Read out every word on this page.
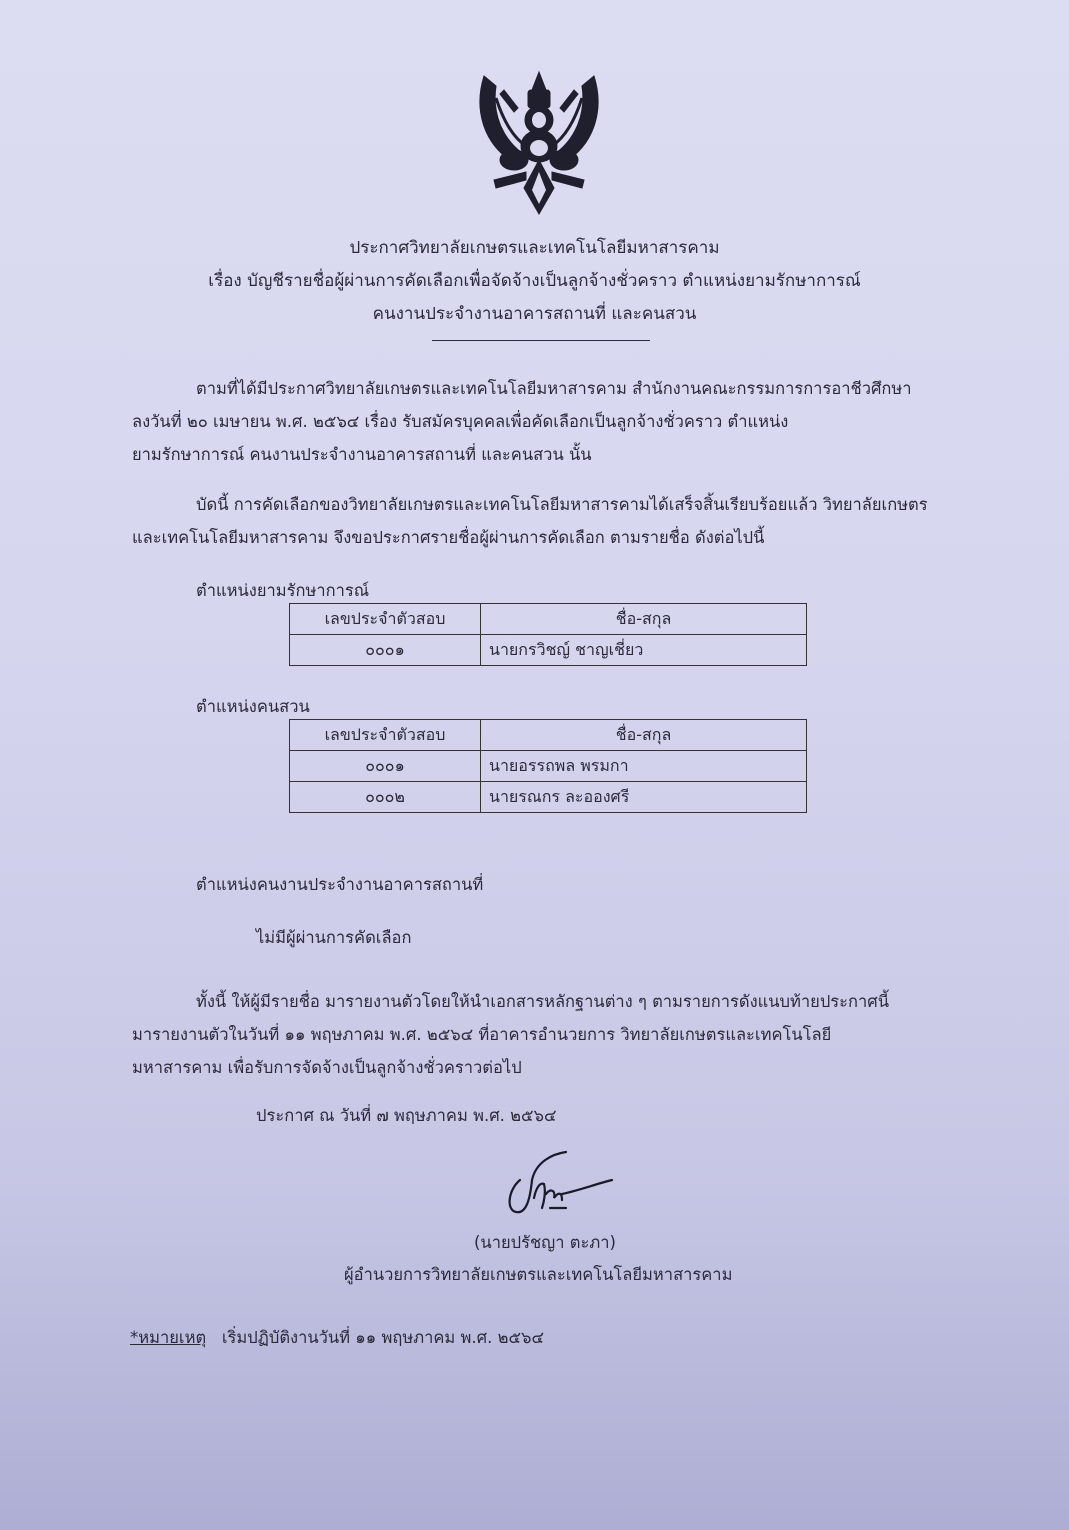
ประกาศวิทยาลัยเกษตรและเทคโนโลยีมหาสารคาม
เรื่อง บัญชีรายชื่อผู้ผ่านการคัดเลือกเพื่อจัดจ้างเป็นลูกจ้างชั่วคราว ตำแหน่งยามรักษาการณ์
คนงานประจำงานอาคารสถานที่ และคนสวน
ตามที่ได้มีประกาศวิทยาลัยเกษตรและเทคโนโลยีมหาสารคาม สำนักงานคณะกรรมการการอาชีวศึกษา
ลงวันที่ ๒๐ เมษายน พ.ศ. ๒๕๖๔ เรื่อง รับสมัครบุคคลเพื่อคัดเลือกเป็นลูกจ้างชั่วคราว ตำแหน่ง
ยามรักษาการณ์ คนงานประจำงานอาคารสถานที่ และคนสวน นั้น
บัดนี้ การคัดเลือกของวิทยาลัยเกษตรและเทคโนโลยีมหาสารคามได้เสร็จสิ้นเรียบร้อยแล้ว วิทยาลัยเกษตร
และเทคโนโลยีมหาสารคาม จึงขอประกาศรายชื่อผู้ผ่านการคัดเลือก ตามรายชื่อ ดังต่อไปนี้
ตำแหน่งยามรักษาการณ์
เลขประจำตัวสอบ	ชื่อ-สกุล
๐๐๐๑	นายกรวิชญ์ ชาญเชี่ยว
ตำแหน่งคนสวน
เลขประจำตัวสอบ	ชื่อ-สกุล
๐๐๐๑	นายอรรถพล พรมกา
๐๐๐๒	นายรณกร ละอองศรี
ตำแหน่งคนงานประจำงานอาคารสถานที่
ไม่มีผู้ผ่านการคัดเลือก
ทั้งนี้ ให้ผู้มีรายชื่อ มารายงานตัวโดยให้นำเอกสารหลักฐานต่าง ๆ ตามรายการดังแนบท้ายประกาศนี้
มารายงานตัวในวันที่ ๑๑ พฤษภาคม พ.ศ. ๒๕๖๔ ที่อาคารอำนวยการ วิทยาลัยเกษตรและเทคโนโลยี
มหาสารคาม เพื่อรับการจัดจ้างเป็นลูกจ้างชั่วคราวต่อไป
ประกาศ ณ วันที่ ๗ พฤษภาคม พ.ศ. ๒๕๖๔
(นายปรัชญา ตะภา)
ผู้อำนวยการวิทยาลัยเกษตรและเทคโนโลยีมหาสารคาม
*หมายเหตุ เริ่มปฏิบัติงานวันที่ ๑๑ พฤษภาคม พ.ศ. ๒๕๖๔
